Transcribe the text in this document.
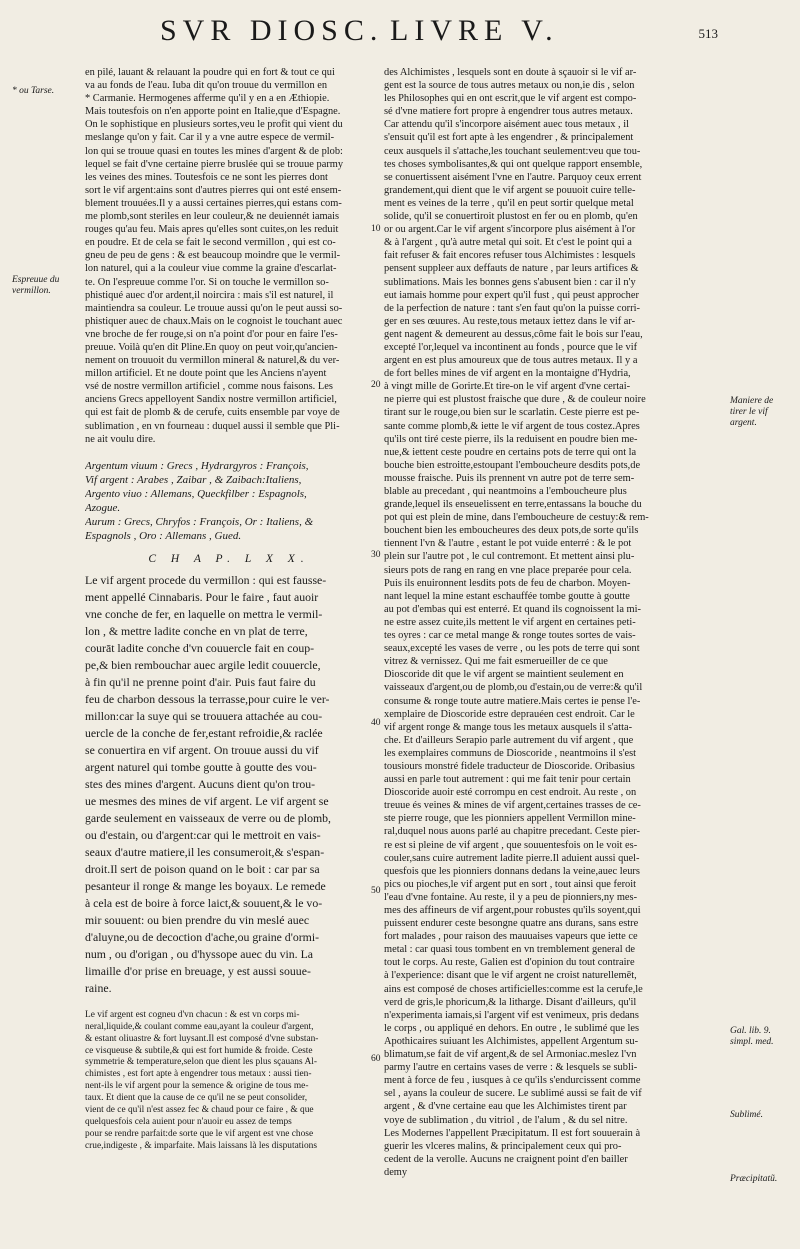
SVR DIOSC. LIVRE V.	513
* ou Tarse.
Espreuue du vermillon.
Maniere de tirer le vif argent.
Gal. lib. 9. simpl. med.
Sublimé.
Præcipitatũ.
10
20
30
40
50
60
en pilé, lauant & relauant la poudre qui en fort & tout ce qui
va au fonds de l'eau. Iuba dit qu'on trouue du vermillon en
* Carmanie. Hermogenes afferme qu'il y en a en Æthiopie.
Mais toutesfois on n'en apporte point en Italie,que d'Espagne.
On le sophistique en plusieurs sortes,veu le profit qui vient du
meslange qu'on y fait. Car il y a vne autre espece de vermil-
lon qui se trouue quasi en toutes les mines d'argent & de plob:
lequel se fait d'vne certaine pierre bruslée qui se trouue parmy
les veines des mines. Toutesfois ce ne sont les pierres dont
sort le vif argent:ains sont d'autres pierres qui ont esté ensem-
blement trouuées.Il y a aussi certaines pierres,qui estans com-
me plomb,sont steriles en leur couleur,& ne deuiennét iamais
rouges qu'au feu. Mais apres qu'elles sont cuites,on les reduit
en poudre. Et de cela se fait le second vermillon , qui est co-
gneu de peu de gens : & est beaucoup moindre que le vermil-
lon naturel, qui a la couleur viue comme la graine d'escarlat-
te. On l'espreuue comme l'or. Si on touche le vermillon so-
phistiqué auec d'or ardent,il noircira : mais s'il est naturel, il
maintiendra sa couleur. Le trouue aussi qu'on le peut aussi so-
phistiquer auec de chaux.Mais on le cognoist le touchant auec
vne broche de fer rouge,si on n'a point d'or pour en faire l'es-
preuue. Voilà qu'en dit Pline.En quoy on peut voir,qu'ancien-
nement on trouuoit du vermillon mineral & naturel,& du ver-
millon artificiel. Et ne doute point que les Anciens n'ayent
vsé de nostre vermillon artificiel , comme nous faisons. Les
anciens Grecs appelloyent Sandix nostre vermillon artificiel,
qui est fait de plomb & de cerufe, cuits ensemble par voye de
sublimation , en vn fourneau : duquel aussi il semble que Pli-
ne ait voulu dire.
Argentum viuum : Grecs , Hydrargyros : François,
Vif argent : Arabes , Zaibar , & Zaibach:Italiens,
Argento viuo : Allemans, Queckfilber : Espagnols,
Azogue.
Aurum : Grecs, Chryfos : François, Or : Italiens, &
Espagnols , Oro : Allemans , Gued.
C H A P. L X X.
Le vif argent procede du vermillon : qui est fausse-
ment appellé Cinnabaris. Pour le faire , faut auoir
vne conche de fer, en laquelle on mettra le vermil-
lon , & mettre ladite conche en vn plat de terre,
courāt ladite conche d'vn couuercle fait en coup-
pe,& bien rembouchar auec argile ledit couuercle,
à fin qu'il ne prenne point d'air. Puis faut faire du
feu de charbon dessous la terrasse,pour cuire le ver-
millon:car la suye qui se trouuera attachée au cou-
uercle de la conche de fer,estant refroidie,& raclée
se conuertira en vif argent. On trouue aussi du vif
argent naturel qui tombe goutte à goutte des vou-
stes des mines d'argent. Aucuns dient qu'on trou-
ue mesmes des mines de vif argent. Le vif argent se
garde seulement en vaisseaux de verre ou de plomb,
ou d'estain, ou d'argent:car qui le mettroit en vais-
seaux d'autre matiere,il les consumeroit,& s'espan-
droit.Il sert de poison quand on le boit : car par sa
pesanteur il ronge & mange les boyaux. Le remede
à cela est de boire à force laict,& souuent,& le vo-
mir souuent: ou bien prendre du vin meslé auec
d'aluyne,ou de decoction d'ache,ou graine d'ormi-
num , ou d'origan , ou d'hyssope auec du vin. La
limaille d'or prise en breuage, y est aussi souue-
raine.
Le vif argent est cogneu d'vn chacun : & est vn corps mi-
neral,liquide,& coulant comme eau,ayant la couleur d'argent,
& estant oliuastre & fort luysant.Il est composé d'vne substan-
ce visqueuse & subtile,& qui est fort humide & froide. Ceste
symmetrie & temperature,selon que dient les plus sçauans Al-
chimistes , est fort apte à engendrer tous metaux : aussi tien-
nent-ils le vif argent pour la semence & origine de tous me-
taux. Et dient que la cause de ce qu'il ne se peut consolider,
vient de ce qu'il n'est assez fec & chaud pour ce faire , & que
quelquesfois cela auient pour n'auoir eu assez de temps
pour se rendre parfait:de sorte que le vif argent est vne chose
crue,indigeste , & imparfaite. Mais laissans là les disputations
des Alchimistes , lesquels sont en doute à sçauoir si le vif ar-
gent est la source de tous autres metaux ou non,ie dis , selon
les Philosophes qui en ont escrit,que le vif argent est compo-
sé d'vne matiere fort propre à engendrer tous autres metaux.
Car attendu qu'il s'incorpore aisément auec tous metaux , il
s'ensuit qu'il est fort apte à les engendrer , & principalement
ceux ausquels il s'attache,les touchant seulement:veu que tou-
tes choses symbolisantes,& qui ont quelque rapport ensemble,
se conuertissent aisément l'vne en l'autre. Parquoy ceux errent
grandement,qui dient que le vif argent se pouuoit cuire telle-
ment es veines de la terre , qu'il en peut sortir quelque metal
solide, qu'il se conuertiroit plustost en fer ou en plomb, qu'en
or ou argent.Car le vif argent s'incorpore plus aisément à l'or
& à l'argent , qu'à autre metal qui soit. Et c'est le point qui a
fait refuser & fait encores refuser tous Alchimistes : lesquels
pensent suppleer aux deffauts de nature , par leurs artifices &
sublimations. Mais les bonnes gens s'abusent bien : car il n'y
eut iamais homme pour expert qu'il fust , qui peust approcher
de la perfection de nature : tant s'en faut qu'on la puisse corri-
ger en ses œuures. Au reste,tous metaux iettez dans le vif ar-
gent nagent & demeurent au dessus,côme fait le bois sur l'eau,
excepté l'or,lequel va incontinent au fonds , pource que le vif
argent en est plus amoureux que de tous autres metaux. Il y a
de fort belles mines de vif argent en la montaigne d'Hydria,
à vingt mille de Gorirte.Et tire-on le vif argent d'vne certai-
ne pierre qui est plustost fraische que dure , & de couleur noire
tirant sur le rouge,ou bien sur le scarlatin. Ceste pierre est pe-
sante comme plomb,& iette le vif argent de tous costez.Apres
qu'ils ont tiré ceste pierre, ils la reduisent en poudre bien me-
nue,& iettent ceste poudre en certains pots de terre qui ont la
bouche bien estroitte,estoupant l'emboucheure desdits pots,de
mousse fraische. Puis ils prennent vn autre pot de terre sem-
blable au precedant , qui neantmoins a l'emboucheure plus
grande,lequel ils enseuelissent en terre,entassans la bouche du
pot qui est plein de mine, dans l'emboucheure de cestuy:& rem-
bouchent bien les emboucheures des deux pots,de sorte qu'ils
tiennent l'vn & l'autre , estant le pot vuide enterré : & le pot
plein sur l'autre pot , le cul contremont. Et mettent ainsi plu-
sieurs pots de rang en rang en vne place preparée pour cela.
Puis ils enuironnent lesdits pots de feu de charbon. Moyen-
nant lequel la mine estant eschauffée tombe goutte à goutte
au pot d'embas qui est enterré. Et quand ils cognoissent la mi-
ne estre assez cuite,ils mettent le vif argent en certaines peti-
tes oyres : car ce metal mange & ronge toutes sortes de vais-
seaux,excepté les vases de verre , ou les pots de terre qui sont
vitrez & vernissez. Qui me fait esmerueiller de ce que
Dioscoride dit que le vif argent se maintient seulement en
vaisseaux d'argent,ou de plomb,ou d'estain,ou de verre:& qu'il
consume & ronge toute autre matiere.Mais certes ie pense l'e-
xemplaire de Dioscoride estre deprauéen cest endroit. Car le
vif argent ronge & mange tous les metaux ausquels il s'atta-
che. Et d'ailleurs Serapio parle autrement du vif argent , que
les exemplaires communs de Dioscoride , neantmoins il s'est
tousiours monstré fidele traducteur de Dioscoride. Oribasius
aussi en parle tout autrement : qui me fait tenir pour certain
Dioscoride auoir esté corrompu en cest endroit. Au reste , on
treuue és veines & mines de vif argent,certaines trasses de ce-
ste pierre rouge, que les pionniers appellent Vermillon mine-
ral,duquel nous auons parlé au chapitre precedant. Ceste pier-
re est si pleine de vif argent , que souuentesfois on le voit es-
couler,sans cuire autrement ladite pierre.Il aduient aussi quel-
quesfois que les pionniers donnans dedans la veine,auec leurs
pics ou pioches,le vif argent put en sort , tout ainsi que feroit
l'eau d'vne fontaine. Au reste, il y a peu de pionniers,ny mes-
mes des affineurs de vif argent,pour robustes qu'ils soyent,qui
puissent endurer ceste besongne quatre ans durans, sans estre
fort malades , pour raison des mauuaises vapeurs que iette ce
metal : car quasi tous tombent en vn tremblement general de
tout le corps. Au reste, Galien est d'opinion du tout contraire
à l'experience: disant que le vif argent ne croist naturellemēt,
ains est composé de choses artificielles:comme est la cerufe,le
verd de gris,le phoricum,& la litharge. Disant d'ailleurs, qu'il
n'experimenta iamais,si l'argent vif est venimeux, pris dedans
le corps , ou appliqué en dehors. En outre , le sublimé que les
Apothicaires suiuant les Alchimistes, appellent Argentum su-
blimatum,se fait de vif argent,& de sel Armoniac.meslez l'vn
parmy l'autre en certains vases de verre : & lesquels se subli-
ment à force de feu , iusques à ce qu'ils s'endurcissent comme
sel , ayans la couleur de sucere. Le sublimé aussi se fait de vif
argent , & d'vne certaine eau que les Alchimistes tirent par
voye de sublimation , du vitriol , de l'alum , & du sel nitre.
Les Modernes l'appellent Præcipitatum. Il est fort souuerain à
guerir les vlceres malins, & principalement ceux qui pro-
cedent de la verolle. Aucuns ne craignent point d'en bailler
demy
